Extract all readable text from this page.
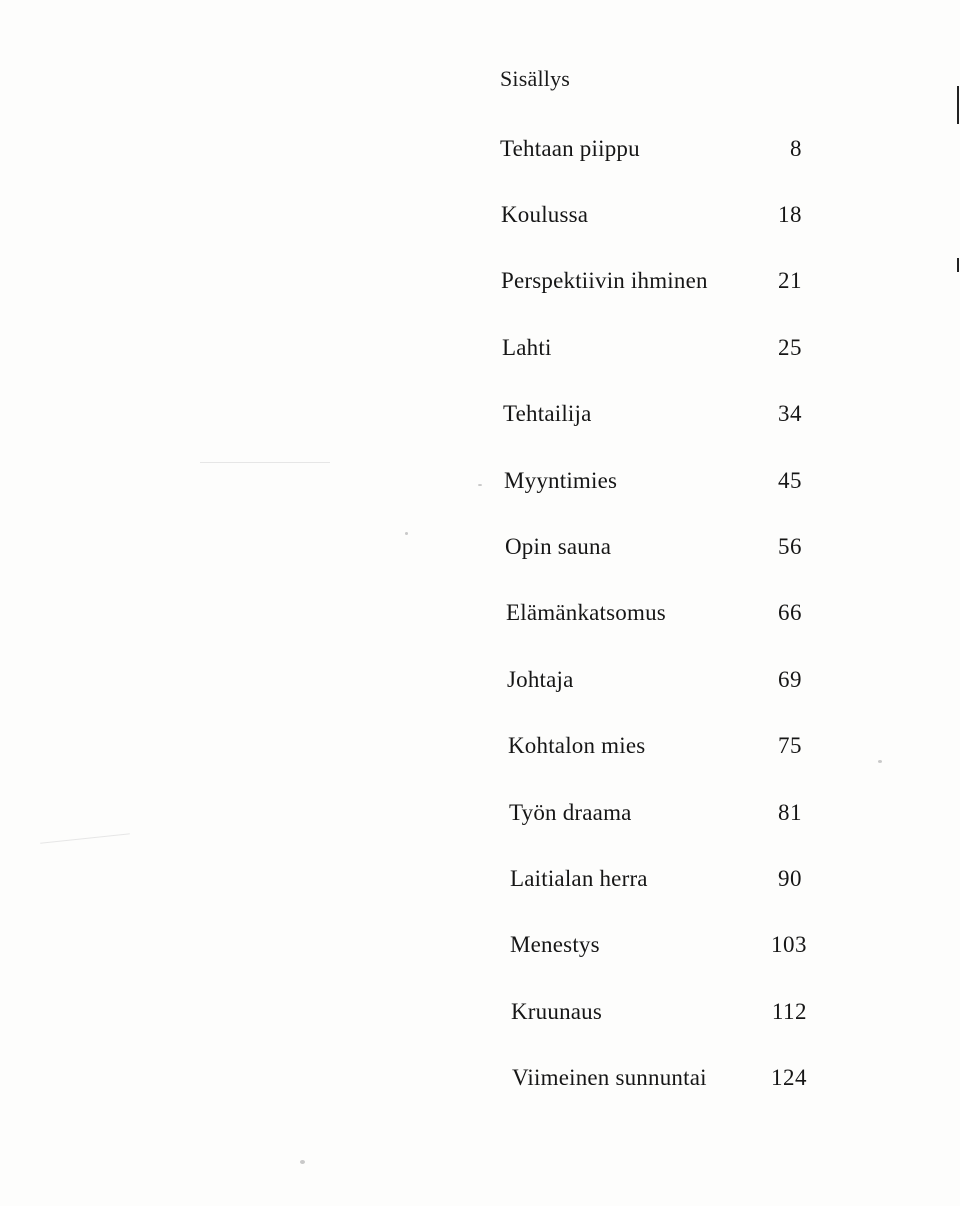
Sisällys
Tehtaan piippu	8
Koulussa	18
Perspektiivin ihminen	21
Lahti	25
Tehtailija	34
Myyntimies	45
Opin sauna	56
Elämänkatsomus	66
Johtaja	69
Kohtalon mies	75
Työn draama	81
Laitialan herra	90
Menestys	103
Kruunaus	112
Viimeinen sunnuntai	124
